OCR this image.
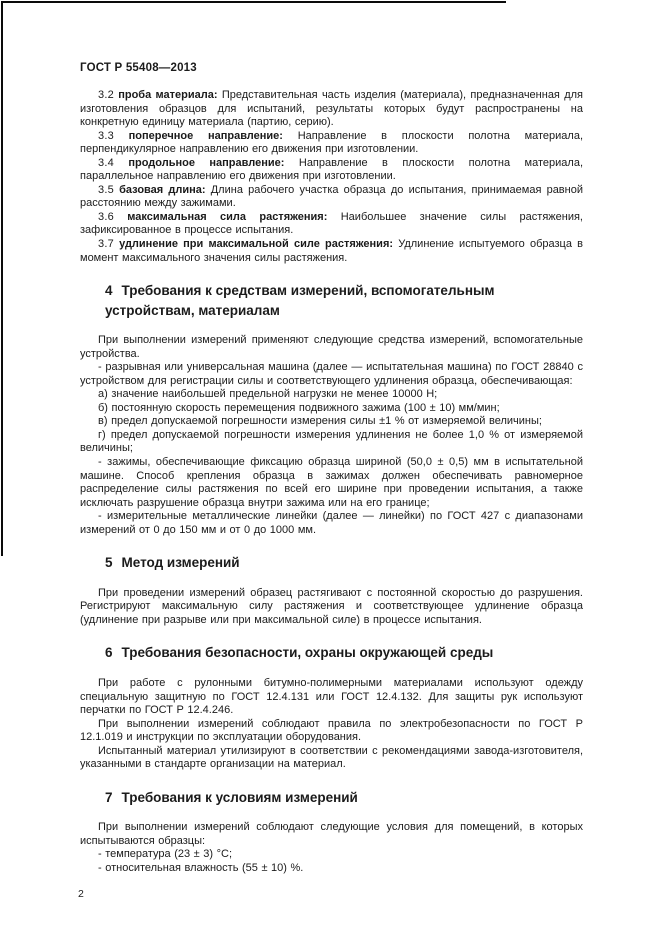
ГОСТ Р 55408—2013

3.2 проба материала: Представительная часть изделия (материала), предназначенная для изготовления образцов для испытаний, результаты которых будут распространены на конкретную единицу материала (партию, серию).

3.3 поперечное направление: Направление в плоскости полотна материала, перпендикулярное направлению его движения при изготовлении.

3.4 продольное направление: Направление в плоскости полотна материала, параллельное направлению его движения при изготовлении.

3.5 базовая длина: Длина рабочего участка образца до испытания, принимаемая равной расстоянию между зажимами.

3.6 максимальная сила растяжения: Наибольшее значение силы растяжения, зафиксированное в процессе испытания.

3.7 удлинение при максимальной силе растяжения: Удлинение испытуемого образца в момент максимального значения силы растяжения.

4 Требования к средствам измерений, вспомогательным устройствам, материалам

При выполнении измерений применяют следующие средства измерений, вспомогательные устройства.

- разрывная или универсальная машина (далее — испытательная машина) по ГОСТ 28840 с устройством для регистрации силы и соответствующего удлинения образца, обеспечивающая:

а) значение наибольшей предельной нагрузки не менее 10000 Н;

б) постоянную скорость перемещения подвижного зажима (100 ± 10) мм/мин;

в) предел допускаемой погрешности измерения силы ±1 % от измеряемой величины;

г) предел допускаемой погрешности измерения удлинения не более 1,0 % от измеряемой величины;

- зажимы, обеспечивающие фиксацию образца шириной (50,0 ± 0,5) мм в испытательной машине. Способ крепления образца в зажимах должен обеспечивать равномерное распределение силы растяжения по всей его ширине при проведении испытания, а также исключать разрушение образца внутри зажима или на его границе;

- измерительные металлические линейки (далее — линейки) по ГОСТ 427 с диапазонами измерений от 0 до 150 мм и от 0 до 1000 мм.

5 Метод измерений

При проведении измерений образец растягивают с постоянной скоростью до разрушения. Регистрируют максимальную силу растяжения и соответствующее удлинение образца (удлинение при разрыве или при максимальной силе) в процессе испытания.

6 Требования безопасности, охраны окружающей среды

При работе с рулонными битумно-полимерными материалами используют одежду специальную защитную по ГОСТ 12.4.131 или ГОСТ 12.4.132. Для защиты рук используют перчатки по ГОСТ Р 12.4.246.

При выполнении измерений соблюдают правила по электробезопасности по ГОСТ Р 12.1.019 и инструкции по эксплуатации оборудования.

Испытанный материал утилизируют в соответствии с рекомендациями завода-изготовителя, указанными в стандарте организации на материал.

7 Требования к условиям измерений

При выполнении измерений соблюдают следующие условия для помещений, в которых испытываются образцы:

- температура (23 ± 3) °C;

- относительная влажность (55 ± 10) %.

2
